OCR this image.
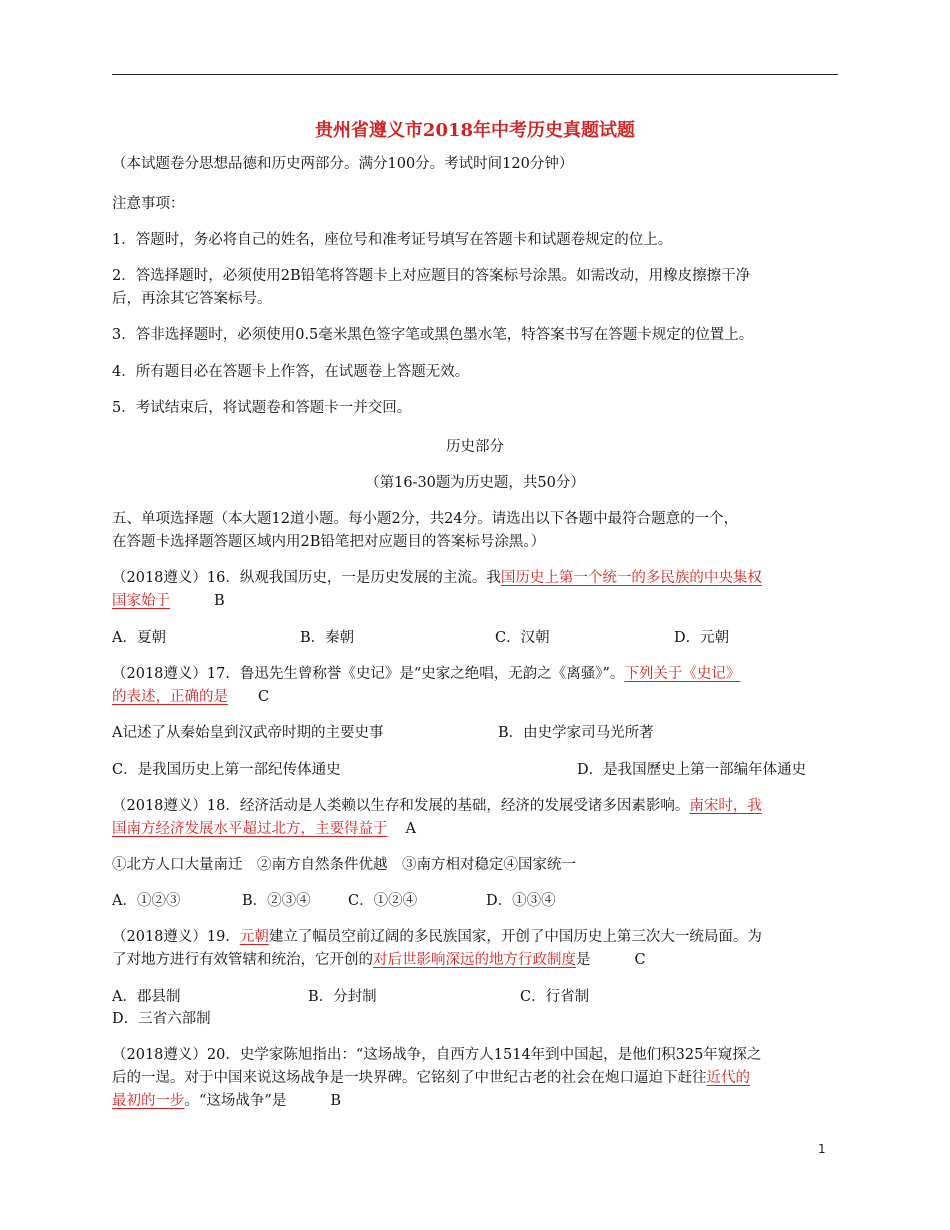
贵州省遵义市2018年中考历史真题试题
（本试题卷分思想品德和历史两部分。满分100分。考试时间120分钟）
注意事项：
1．答题时，务必将自己的姓名，座位号和准考证号填写在答题卡和试题卷规定的位上。
2．答选择题时，必须使用2B铅笔将答题卡上对应题目的答案标号涂黑。如需改动，用橡皮擦擦干净
后，再涂其它答案标号。
3．答非选择题时，必须使用0.5毫米黑色签字笔或黑色墨水笔，特答案书写在答题卡规定的位置上。
4．所有题目必在答题卡上作答，在试题卷上答题无效。
5．考试结束后，将试题卷和答题卡一并交回。
历史部分
（第16-30题为历史题，共50分）
五、单项选择题（本大题12道小题。每小题2分，共24分。请选出以下各题中最符合题意的一个，
在答题卡选择题答题区域内用2B铅笔把对应题目的答案标号涂黑。）
（2018遵义）16．纵观我国历史，一是历史发展的主流。我国历史上第一个统一的多民族的中央集权
国家始于	B
A．夏朝	B．秦朝	C．汉朝	D．元朝
（2018遵义）17．鲁迅先生曾称誉《史记》是“史家之绝唱，无韵之《离骚》”。下列关于《史记》
的表述，正确的是 C
A记述了从秦始皇到汉武帝时期的主要史事	B．由史学家司马光所著
C．是我国历史上第一部纪传体通史	D．是我国歷史上第一部编年体通史
（2018遵义）18．经济活动是人类赖以生存和发展的基础，经济的发展受诸多因素影响。南宋时，我
国南方经济发展水平超过北方，主要得益于 A
①北方人口大量南迁　②南方自然条件优越　③南方相对稳定④国家统一
A．①②③	B．②③④	C．①②④	D．①③④
（2018遵义）19．元朝建立了幅员空前辽阔的多民族国家，开创了中国历史上第三次大一统局面。为
了对地方进行有效管辖和统治，它开创的对后世影响深远的地方行政制度是	C
A．郡县制	B．分封制	C．行省制
D．三省六部制
（2018遵义）20．史学家陈旭指出：“这场战争，自西方人1514年到中国起，是他们积325年窥探之
后的一逞。对于中国来说这场战争是一块界碑。它铭刻了中世纪古老的社会在炮口逼迫下赶往近代的
最初的一步。“这场战争”是	B
1
